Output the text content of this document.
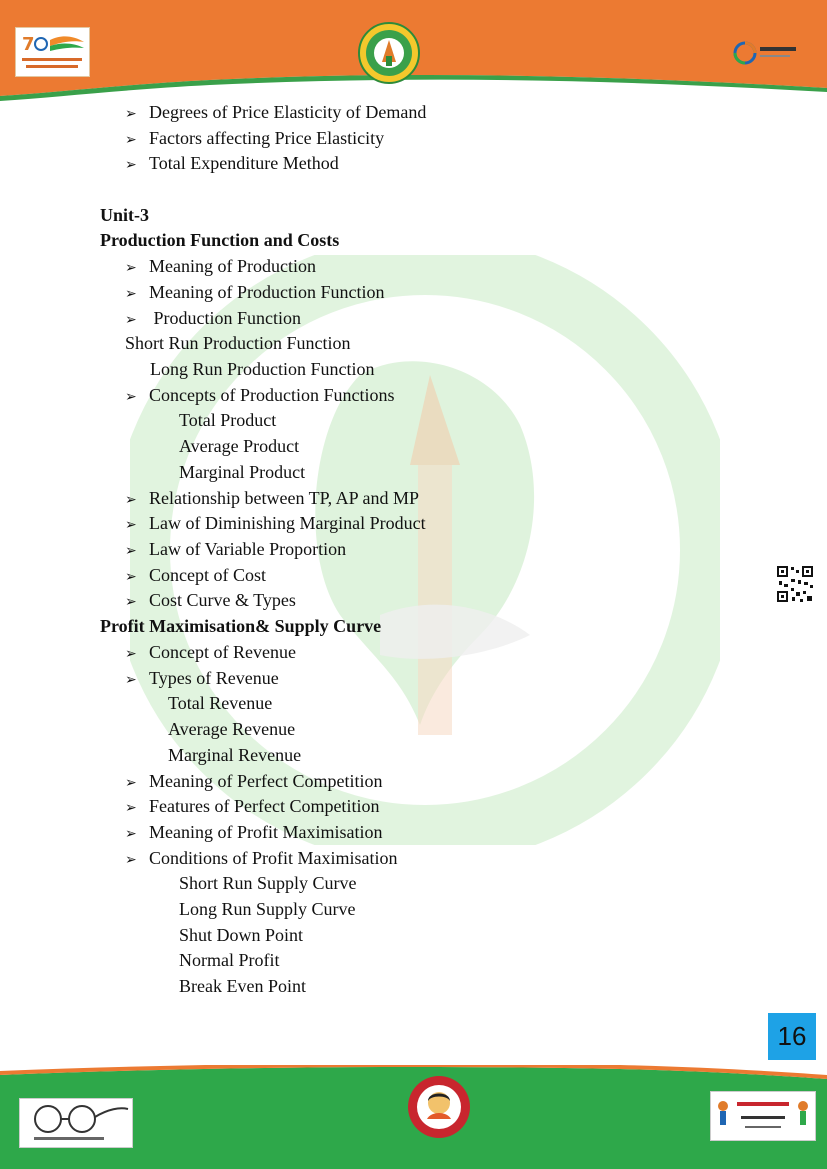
7
➢ Degrees of Price Elasticity of Demand
➢ Factors affecting Price Elasticity
➢ Total Expenditure Method
Unit-3
Production Function and Costs
➢ Meaning of Production
➢ Meaning of Production Function
➢ Production Function
Short Run Production Function
Long Run Production Function
➢ Concepts of Production Functions
Total Product
Average Product
Marginal Product
➢ Relationship between TP, AP and MP
➢ Law of Diminishing Marginal Product
➢ Law of Variable Proportion
➢ Concept of Cost
➢ Cost Curve & Types
Profit Maximisation& Supply Curve
➢ Concept of Revenue
➢ Types of Revenue
Total Revenue
Average Revenue
Marginal Revenue
➢ Meaning of Perfect Competition
➢ Features of Perfect Competition
➢ Meaning of Profit Maximisation
➢ Conditions of Profit Maximisation
Short Run Supply Curve
Long Run Supply Curve
Shut Down Point
Normal Profit
Break Even Point
16
